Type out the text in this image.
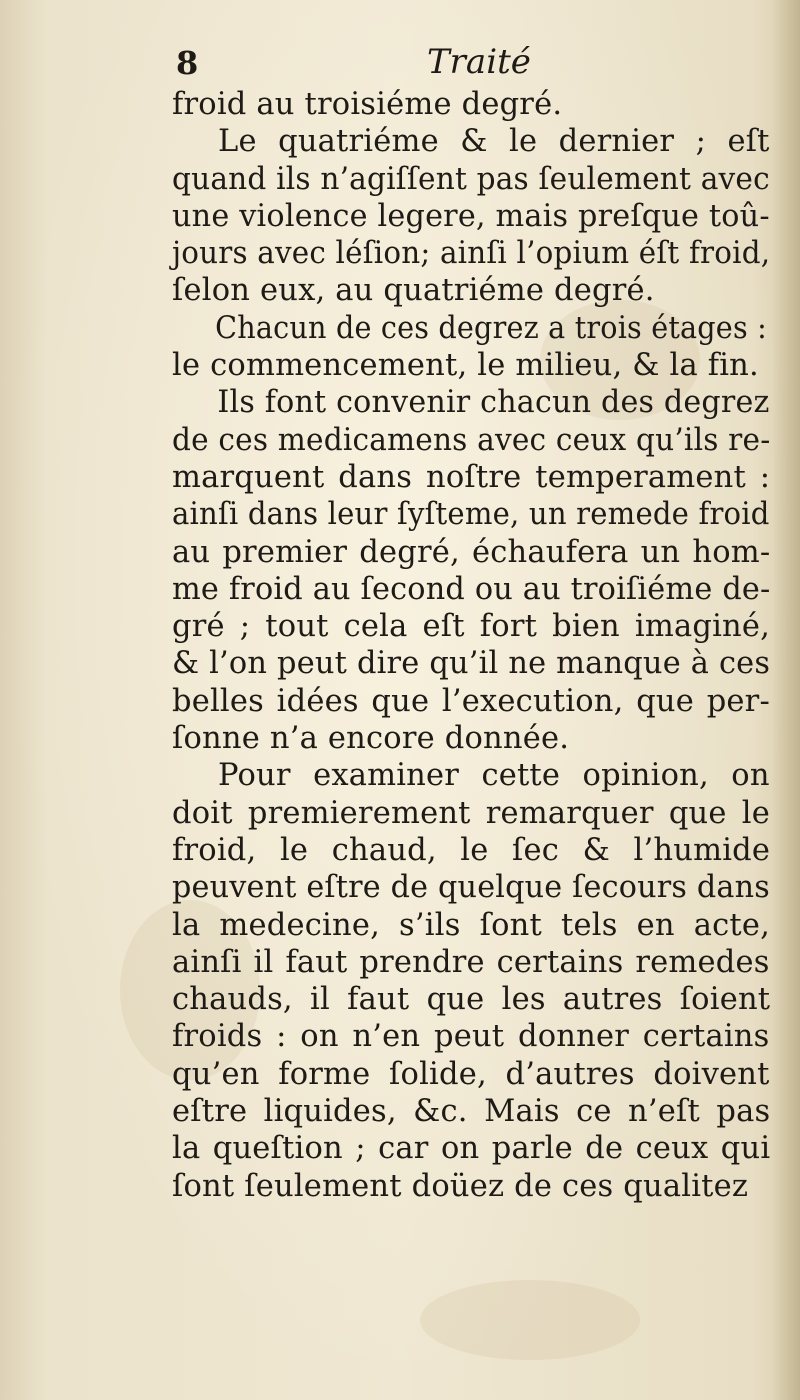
8	Traité
froid au troisiéme degré.
Le quatriéme & le dernier ; eſt
quand ils n’agiſſent pas ſeulement avec
une violence legere, mais preſque toû-
jours avec léſion; ainſi l’opium éſt froid,
ſelon eux, au quatriéme degré.
Chacun de ces degrez a trois étages :
le commencement, le milieu, & la fin.
Ils font convenir chacun des degrez
de ces medicamens avec ceux qu’ils re-
marquent dans noſtre temperament :
ainſi dans leur ſyſteme, un remede froid
au premier degré, échaufera un hom-
me froid au ſecond ou au troiſiéme de-
gré ; tout cela eſt fort bien imaginé,
& l’on peut dire qu’il ne manque à ces
belles idées que l’execution, que per-
ſonne n’a encore donnée.
Pour examiner cette opinion, on
doit premierement remarquer que le
froid, le chaud, le ſec & l’humide
peuvent eſtre de quelque ſecours dans
la medecine, s’ils ſont tels en acte,
ainſi il faut prendre certains remedes
chauds, il faut que les autres ſoient
froids : on n’en peut donner certains
qu’en forme ſolide, d’autres doivent
eſtre liquides, &c. Mais ce n’eſt pas
la queſtion ; car on parle de ceux qui
ſont ſeulement doüez de ces qualitez
